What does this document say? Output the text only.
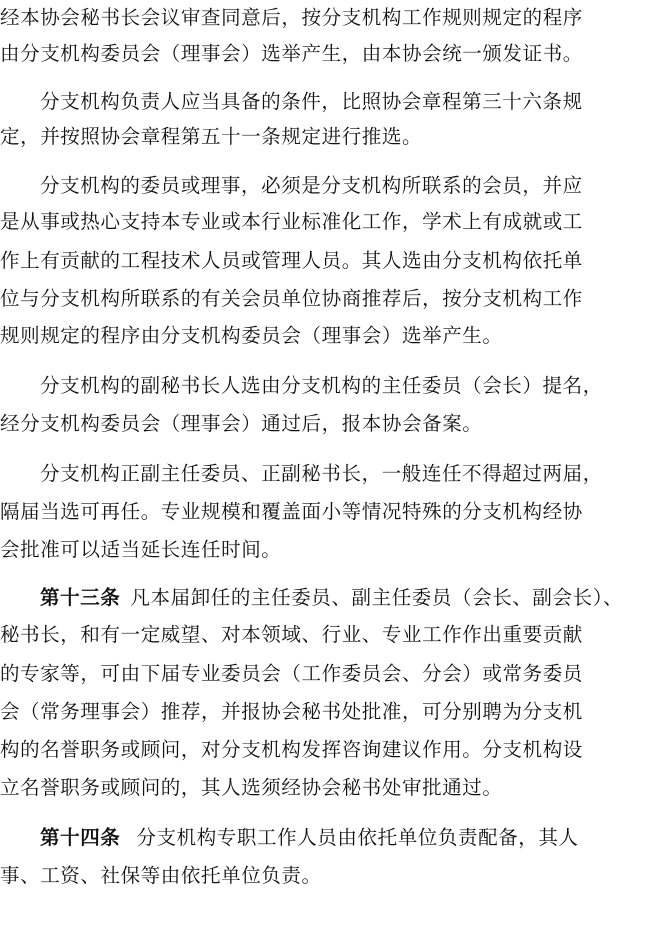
经本协会秘书长会议审查同意后，按分支机构工作规则规定的程序
由分支机构委员会（理事会）选举产生，由本协会统一颁发证书。
分支机构负责人应当具备的条件，比照协会章程第三十六条规
定，并按照协会章程第五十一条规定进行推选。
分支机构的委员或理事，必须是分支机构所联系的会员，并应
是从事或热心支持本专业或本行业标准化工作，学术上有成就或工
作上有贡献的工程技术人员或管理人员。其人选由分支机构依托单
位与分支机构所联系的有关会员单位协商推荐后，按分支机构工作
规则规定的程序由分支机构委员会（理事会）选举产生。
分支机构的副秘书长人选由分支机构的主任委员（会长）提名，
经分支机构委员会（理事会）通过后，报本协会备案。
分支机构正副主任委员、正副秘书长，一般连任不得超过两届，
隔届当选可再任。专业规模和覆盖面小等情况特殊的分支机构经协
会批准可以适当延长连任时间。
第十三条 凡本届卸任的主任委员、副主任委员（会长、副会长）、
秘书长，和有一定威望、对本领域、行业、专业工作作出重要贡献
的专家等，可由下届专业委员会（工作委员会、分会）或常务委员
会（常务理事会）推荐，并报协会秘书处批准，可分别聘为分支机
构的名誉职务或顾问，对分支机构发挥咨询建议作用。分支机构设
立名誉职务或顾问的，其人选须经协会秘书处审批通过。
第十四条 分支机构专职工作人员由依托单位负责配备，其人
事、工资、社保等由依托单位负责。
